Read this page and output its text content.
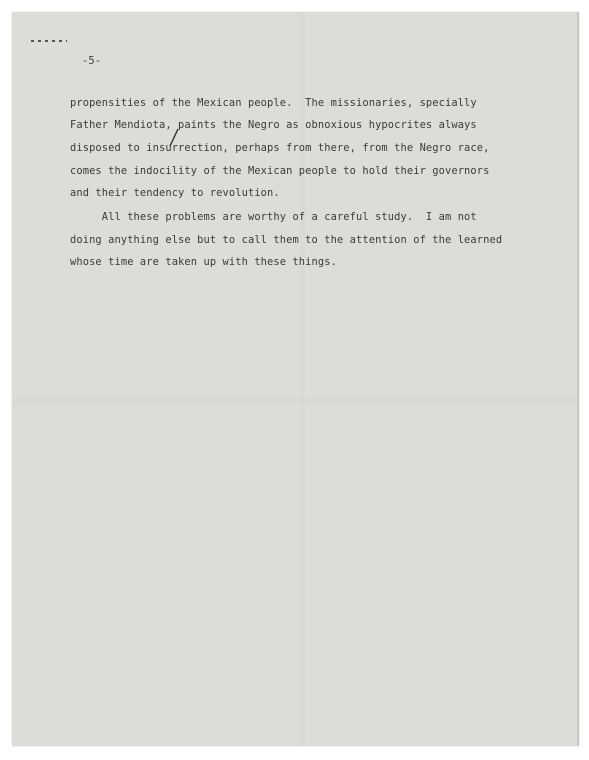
-5-
propensities of the Mexican people.  The missionaries, specially
Father Mendiota, paints the Negro as obnoxious hypocrites always
disposed to insurrection, perhaps from there, from the Negro race,
comes the indocility of the Mexican people to hold their governors
and their tendency to revolution.
All these problems are worthy of a careful study.  I am not
doing anything else but to call them to the attention of the learned
whose time are taken up with these things.
